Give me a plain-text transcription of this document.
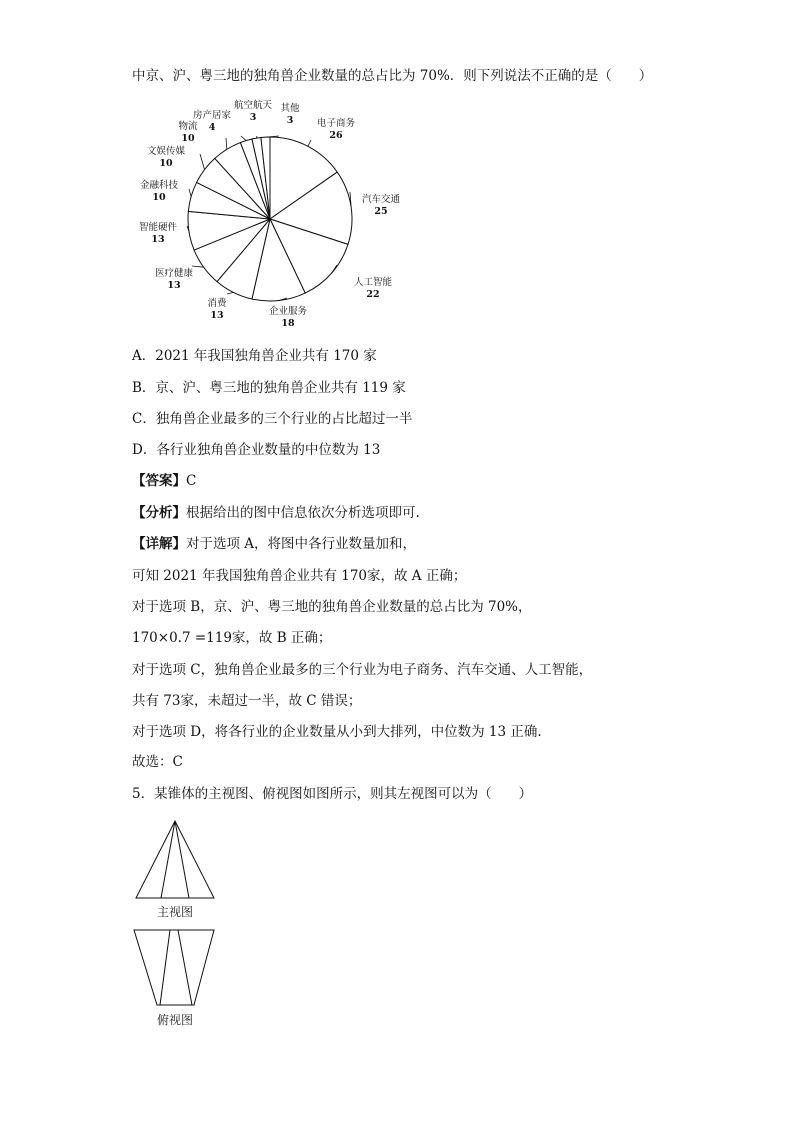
中京、沪、粤三地的独角兽企业数量的总占比为 70%．则下列说法不正确的是（　　）
电子商务
26
汽车交通
25
人工智能
22
企业服务
18
消费
13
医疗健康
13
智能硬件
13
金融科技
10
文娱传媒
10
物流
10
房产居家
4
航空航天
3
其他
3
A．2021 年我国独角兽企业共有 170 家
B．京、沪、粤三地的独角兽企业共有 119 家
C．独角兽企业最多的三个行业的占比超过一半
D．各行业独角兽企业数量的中位数为 13
【答案】C
【分析】根据给出的图中信息依次分析选项即可.
【详解】对于选项 A，将图中各行业数量加和，
可知 2021 年我国独角兽企业共有 170家，故 A 正确；
对于选项 B，京、沪、粤三地的独角兽企业数量的总占比为 70%，
170×0.7 =119家，故 B 正确；
对于选项 C，独角兽企业最多的三个行业为电子商务、汽车交通、人工智能，
共有 73家，未超过一半，故 C 错误；
对于选项 D，将各行业的企业数量从小到大排列，中位数为 13 正确.
故选：C
5．某锥体的主视图、俯视图如图所示，则其左视图可以为（　　）
主视图
俯视图
